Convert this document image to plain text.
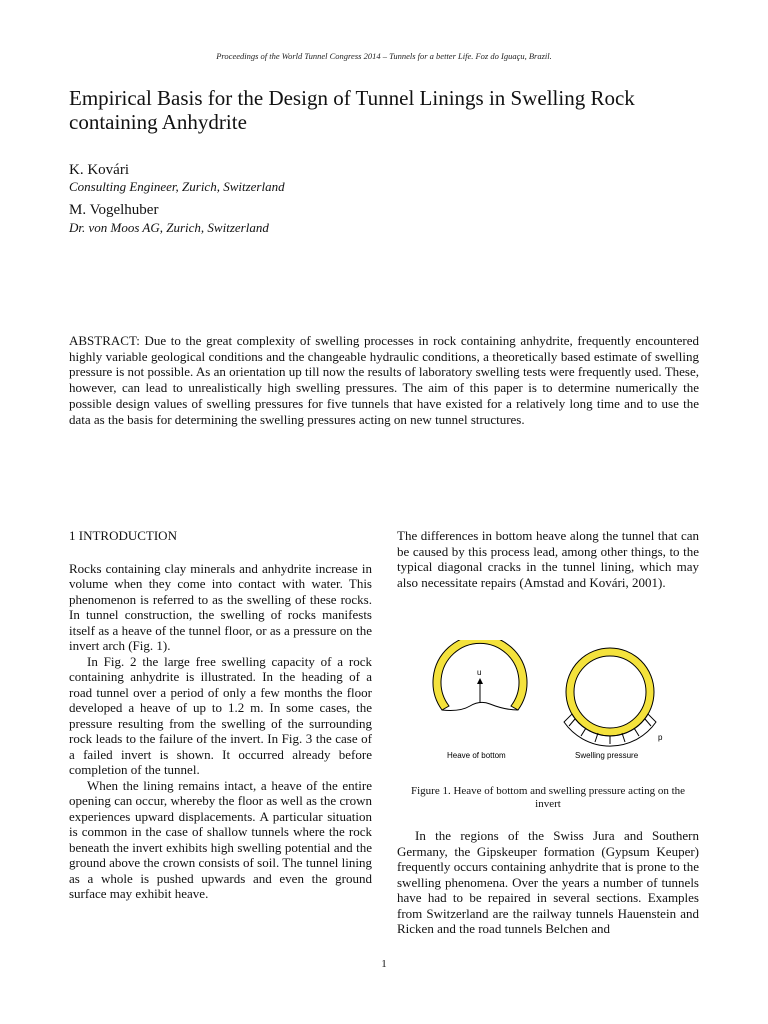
Proceedings of the World Tunnel Congress 2014 – Tunnels for a better Life. Foz do Iguaçu, Brazil.
Empirical Basis for the Design of Tunnel Linings in Swelling Rock containing Anhydrite
K. Kovári
Consulting Engineer, Zurich, Switzerland
M. Vogelhuber
Dr. von Moos AG, Zurich, Switzerland

ABSTRACT: Due to the great complexity of swelling processes in rock containing anhydrite, frequently encountered highly variable geological conditions and the changeable hydraulic conditions, a theoretically based estimate of swelling pressure is not possible. As an orientation up till now the results of laboratory swelling tests were frequently used. These, however, can lead to unrealistically high swelling pressures. The aim of this paper is to determine numerically the possible design values of swelling pressures for five tunnels that have existed for a relatively long time and to use the data as the basis for determining the swelling pressures acting on new tunnel structures.

1 INTRODUCTION

Rocks containing clay minerals and anhydrite increase in volume when they come into contact with water. This phenomenon is referred to as the swelling of these rocks. In tunnel construction, the swelling of rocks manifests itself as a heave of the tunnel floor, or as a pressure on the invert arch (Fig. 1).

In Fig. 2 the large free swelling capacity of a rock containing anhydrite is illustrated. In the heading of a road tunnel over a period of only a few months the floor developed a heave of up to 1.2 m. In some cases, the pressure resulting from the swelling of the surrounding rock leads to the failure of the invert. In Fig. 3 the case of a failed invert is shown. It occurred already before completion of the tunnel.

When the lining remains intact, a heave of the entire opening can occur, whereby the floor as well as the crown experiences upward displacements. A particular situation is common in the case of shallow tunnels where the rock beneath the invert exhibits high swelling potential and the ground above the crown consists of soil. The tunnel lining as a whole is pushed upwards and even the ground surface may exhibit heave.

The differences in bottom heave along the tunnel that can be caused by this process lead, among other things, to the typical diagonal cracks in the tunnel lining, which may also necessitate repairs (Amstad and Kovári, 2001).

u
Heave of bottom
p
Swelling pressure
Figure 1. Heave of bottom and swelling pressure acting on the invert

In the regions of the Swiss Jura and Southern Germany, the Gipskeuper formation (Gypsum Keuper) frequently occurs containing anhydrite that is prone to the swelling phenomena. Over the years a number of tunnels have had to be repaired in several sections. Examples from Switzerland are the railway tunnels Hauenstein and Ricken and the road tunnels Belchen and

1
